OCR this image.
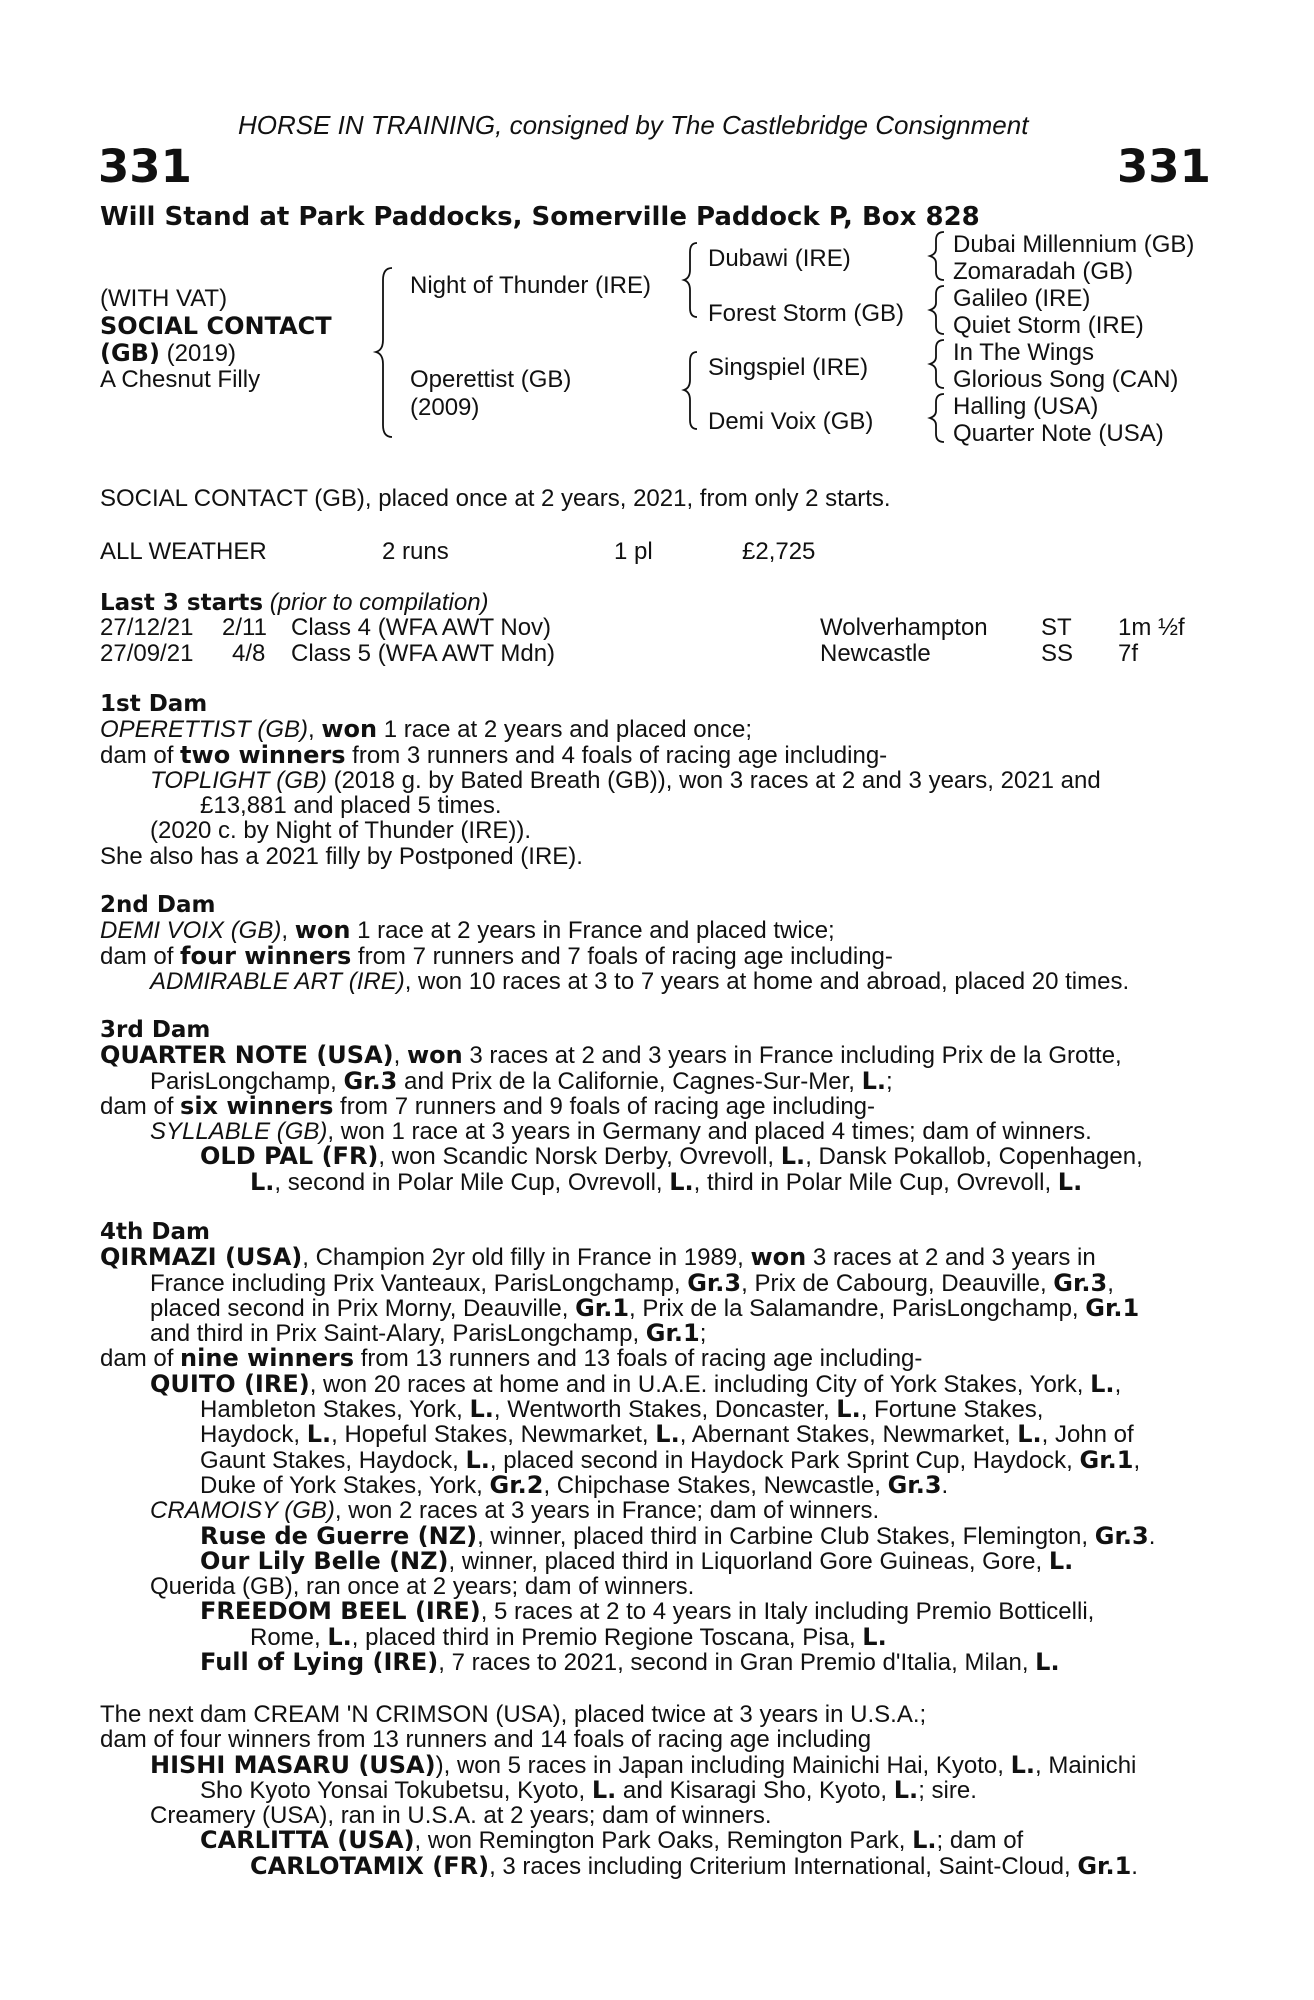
HORSE IN TRAINING, consigned by The Castlebridge Consignment
331	331
Will Stand at Park Paddocks, Somerville Paddock P, Box 828
(WITH VAT)
SOCIAL CONTACT
(GB) (2019)
A Chesnut Filly
Night of Thunder (IRE)
Operettist (GB)
(2009)
Dubawi (IRE)
Forest Storm (GB)
Singspiel (IRE)
Demi Voix (GB)
Dubai Millennium (GB)
Zomaradah (GB)
Galileo (IRE)
Quiet Storm (IRE)
In The Wings
Glorious Song (CAN)
Halling (USA)
Quarter Note (USA)
SOCIAL CONTACT (GB), placed once at 2 years, 2021, from only 2 starts.
ALL WEATHER	2 runs	1 pl	£2,725
Last 3 starts (prior to compilation)
27/12/21 2/11 Class 4 (WFA AWT Nov)	Wolverhampton ST 1m ½f
27/09/21 4/8 Class 5 (WFA AWT Mdn)	Newcastle	SS 7f

1st Dam

OPERETTIST (GB), won 1 race at 2 years and placed once;

dam of two winners from 3 runners and 4 foals of racing age including-

TOPLIGHT (GB) (2018 g. by Bated Breath (GB)), won 3 races at 2 and 3 years, 2021 and

£13,881 and placed 5 times.

(2020 c. by Night of Thunder (IRE)).

She also has a 2021 filly by Postponed (IRE).

2nd Dam

DEMI VOIX (GB), won 1 race at 2 years in France and placed twice;

dam of four winners from 7 runners and 7 foals of racing age including-

ADMIRABLE ART (IRE), won 10 races at 3 to 7 years at home and abroad, placed 20 times.

3rd Dam

QUARTER NOTE (USA), won 3 races at 2 and 3 years in France including Prix de la Grotte,

ParisLongchamp, Gr.3 and Prix de la Californie, Cagnes-Sur-Mer, L.;

dam of six winners from 7 runners and 9 foals of racing age including-

SYLLABLE (GB), won 1 race at 3 years in Germany and placed 4 times; dam of winners.

OLD PAL (FR), won Scandic Norsk Derby, Ovrevoll, L., Dansk Pokallob, Copenhagen,

L., second in Polar Mile Cup, Ovrevoll, L., third in Polar Mile Cup, Ovrevoll, L.

4th Dam

QIRMAZI (USA), Champion 2yr old filly in France in 1989, won 3 races at 2 and 3 years in

France including Prix Vanteaux, ParisLongchamp, Gr.3, Prix de Cabourg, Deauville, Gr.3,

placed second in Prix Morny, Deauville, Gr.1, Prix de la Salamandre, ParisLongchamp, Gr.1

and third in Prix Saint-Alary, ParisLongchamp, Gr.1;

dam of nine winners from 13 runners and 13 foals of racing age including-

QUITO (IRE), won 20 races at home and in U.A.E. including City of York Stakes, York, L.,

Hambleton Stakes, York, L., Wentworth Stakes, Doncaster, L., Fortune Stakes,

Haydock, L., Hopeful Stakes, Newmarket, L., Abernant Stakes, Newmarket, L., John of

Gaunt Stakes, Haydock, L., placed second in Haydock Park Sprint Cup, Haydock, Gr.1,

Duke of York Stakes, York, Gr.2, Chipchase Stakes, Newcastle, Gr.3.

CRAMOISY (GB), won 2 races at 3 years in France; dam of winners.

Ruse de Guerre (NZ), winner, placed third in Carbine Club Stakes, Flemington, Gr.3.

Our Lily Belle (NZ), winner, placed third in Liquorland Gore Guineas, Gore, L.

Querida (GB), ran once at 2 years; dam of winners.

FREEDOM BEEL (IRE), 5 races at 2 to 4 years in Italy including Premio Botticelli,

Rome, L., placed third in Premio Regione Toscana, Pisa, L.

Full of Lying (IRE), 7 races to 2021, second in Gran Premio d'Italia, Milan, L.

The next dam CREAM 'N CRIMSON (USA), placed twice at 3 years in U.S.A.;

dam of four winners from 13 runners and 14 foals of racing age including

HISHI MASARU (USA)), won 5 races in Japan including Mainichi Hai, Kyoto, L., Mainichi

Sho Kyoto Yonsai Tokubetsu, Kyoto, L. and Kisaragi Sho, Kyoto, L.; sire.

Creamery (USA), ran in U.S.A. at 2 years; dam of winners.

CARLITTA (USA), won Remington Park Oaks, Remington Park, L.; dam of

CARLOTAMIX (FR), 3 races including Criterium International, Saint-Cloud, Gr.1.
